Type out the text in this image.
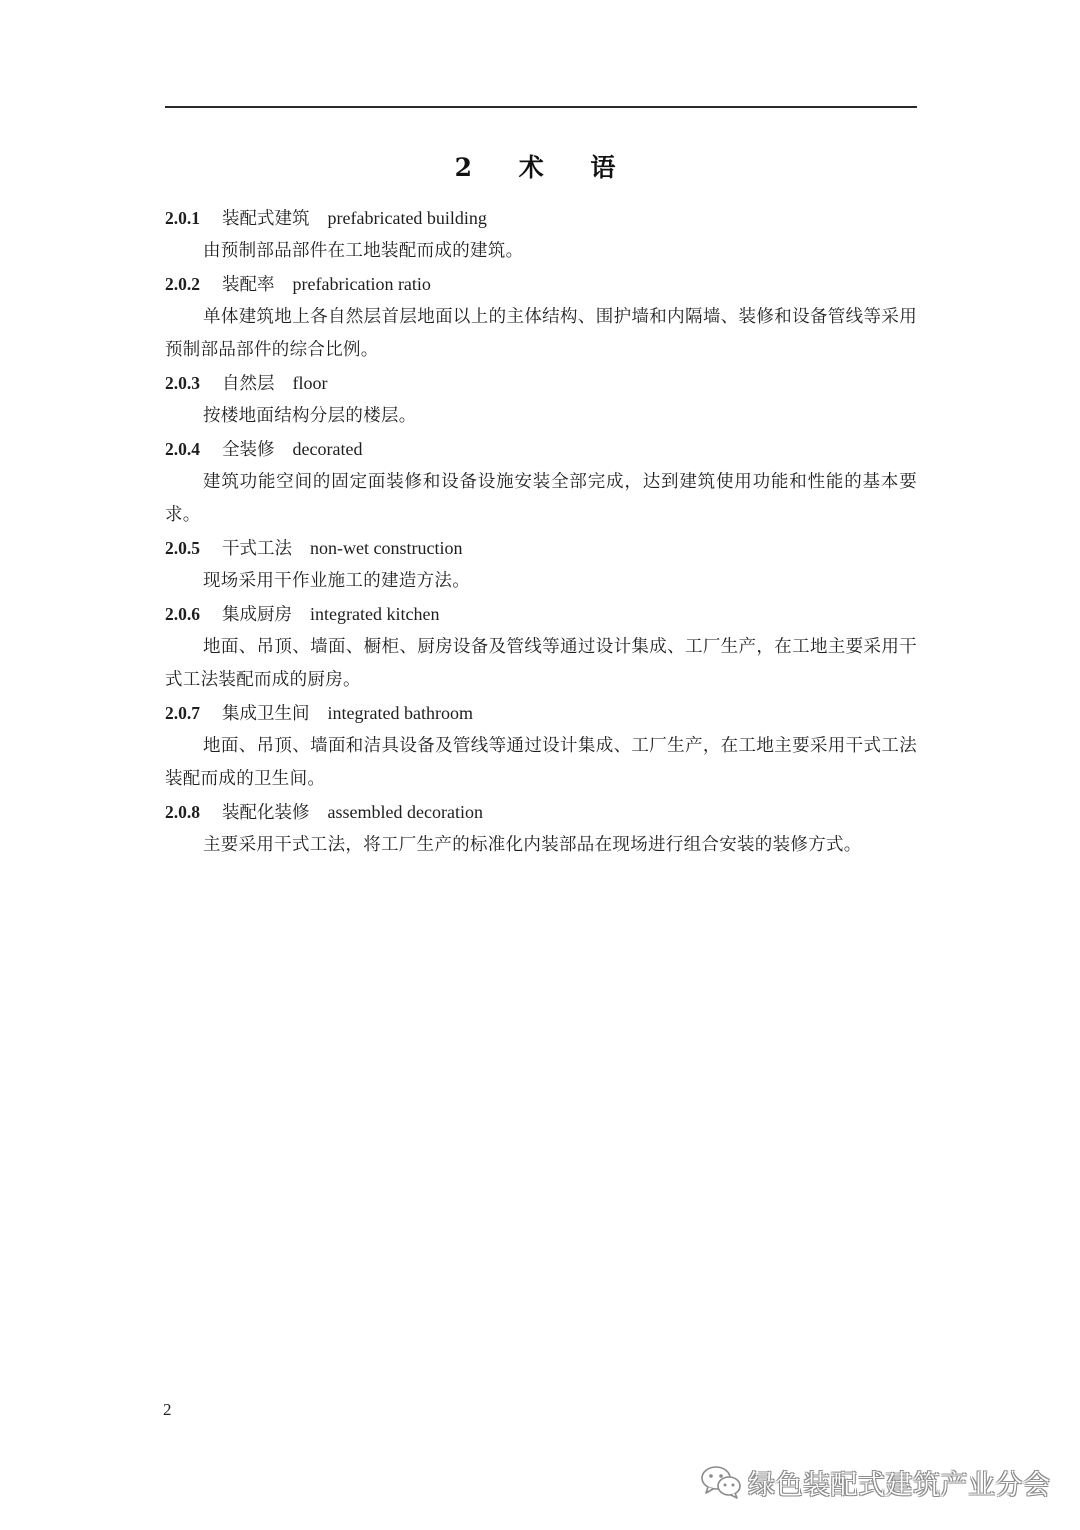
2 术 语
2.0.1 装配式建筑 prefabricated building

由预制部品部件在工地装配而成的建筑。

2.0.2 装配率 prefabrication ratio

单体建筑地上各自然层首层地面以上的主体结构、围护墙和内隔墙、装修和设备管线等采用预制部品部件的综合比例。

2.0.3 自然层 floor

按楼地面结构分层的楼层。

2.0.4 全装修 decorated

建筑功能空间的固定面装修和设备设施安装全部完成，达到建筑使用功能和性能的基本要求。

2.0.5 干式工法 non-wet construction

现场采用干作业施工的建造方法。

2.0.6 集成厨房 integrated kitchen

地面、吊顶、墙面、橱柜、厨房设备及管线等通过设计集成、工厂生产，在工地主要采用干式工法装配而成的厨房。

2.0.7 集成卫生间 integrated bathroom

地面、吊顶、墙面和洁具设备及管线等通过设计集成、工厂生产，在工地主要采用干式工法装配而成的卫生间。

2.0.8 装配化装修 assembled decoration

主要采用干式工法，将工厂生产的标准化内装部品在现场进行组合安装的装修方式。

2
绿色装配式建筑产业分会
